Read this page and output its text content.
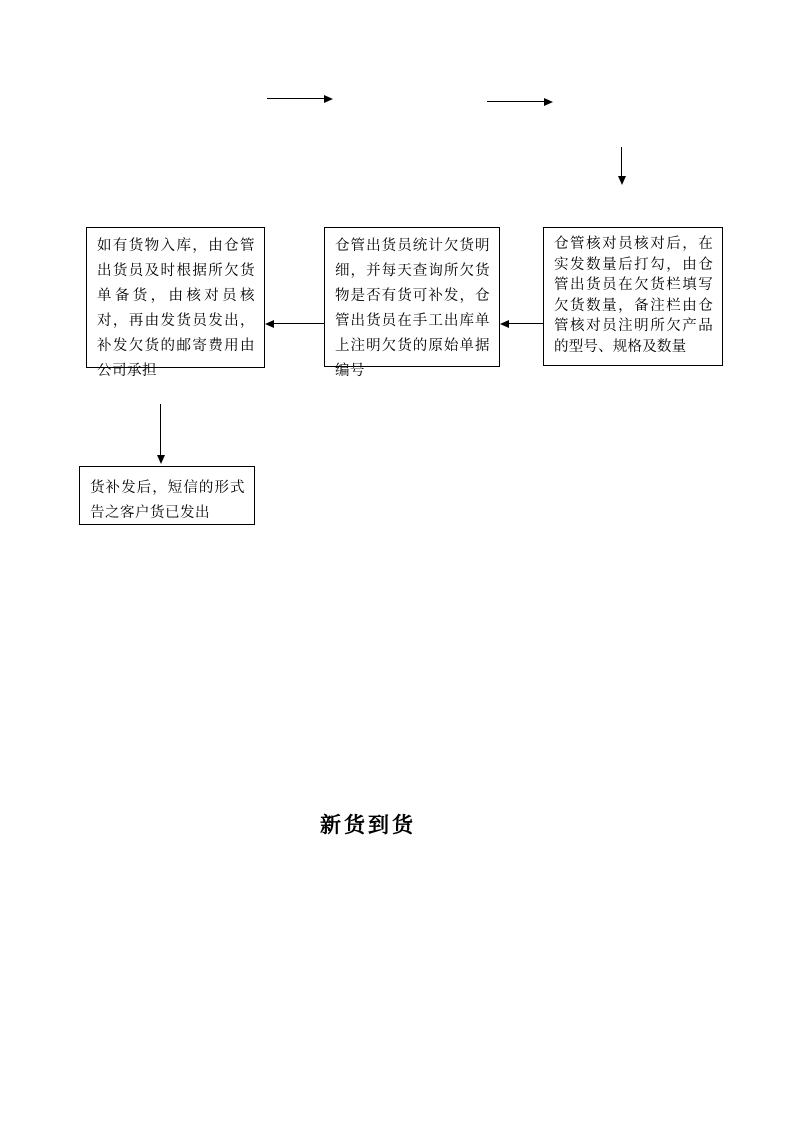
如有货物入库，由仓管出货员及时根据所欠货单备货，由核对员核对，再由发货员发出，补发欠货的邮寄费用由公司承担
仓管出货员统计欠货明细，并每天查询所欠货物是否有货可补发，仓管出货员在手工出库单上注明欠货的原始单据编号
仓管核对员核对后，在实发数量后打勾，由仓管出货员在欠货栏填写欠货数量，备注栏由仓管核对员注明所欠产品的型号、规格及数量
货补发后，短信的形式告之客户货已发出
新货到货
